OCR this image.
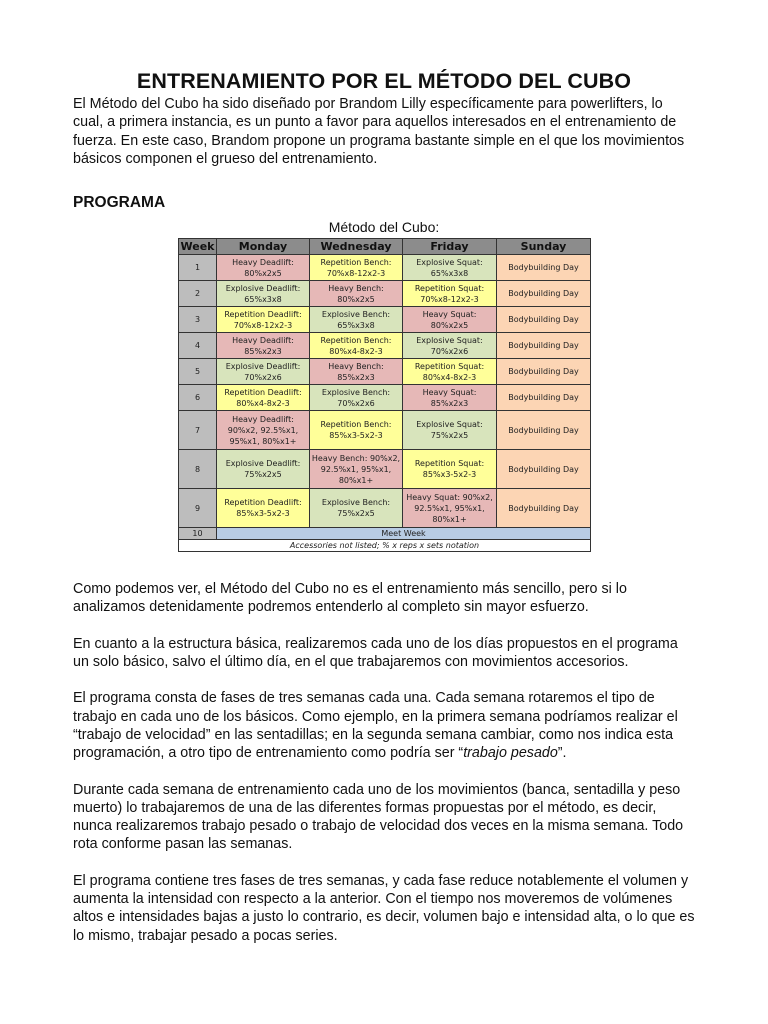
ENTRENAMIENTO POR EL MÉTODO DEL CUBO

El Método del Cubo ha sido diseñado por Brandom Lilly específicamente para powerlifters, lo cual, a primera instancia, es un punto a favor para aquellos interesados en el entrenamiento de fuerza. En este caso, Brandom propone un programa bastante simple en el que los movimientos básicos componen el grueso del entrenamiento.

PROGRAMA
Método del Cubo:
Week	Monday	Wednesday	Friday	Sunday
1	Heavy Deadlift: 80%x2x5	Repetition Bench: 70%x8-12x2-3	Explosive Squat: 65%x3x8	Bodybuilding Day
2	Explosive Deadlift: 65%x3x8	Heavy Bench: 80%x2x5	Repetition Squat: 70%x8-12x2-3	Bodybuilding Day
3	Repetition Deadlift: 70%x8-12x2-3	Explosive Bench: 65%x3x8	Heavy Squat: 80%x2x5	Bodybuilding Day
4	Heavy Deadlift: 85%x2x3	Repetition Bench: 80%x4-8x2-3	Explosive Squat: 70%x2x6	Bodybuilding Day
5	Explosive Deadlift: 70%x2x6	Heavy Bench: 85%x2x3	Repetition Squat: 80%x4-8x2-3	Bodybuilding Day
6	Repetition Deadlift: 80%x4-8x2-3	Explosive Bench: 70%x2x6	Heavy Squat: 85%x2x3	Bodybuilding Day
7	Heavy Deadlift: 90%x2, 92.5%x1, 95%x1, 80%x1+	Repetition Bench: 85%x3-5x2-3	Explosive Squat: 75%x2x5	Bodybuilding Day
8	Explosive Deadlift: 75%x2x5	Heavy Bench: 90%x2, 92.5%x1, 95%x1, 80%x1+	Repetition Squat: 85%x3-5x2-3	Bodybuilding Day
9	Repetition Deadlift: 85%x3-5x2-3	Explosive Bench: 75%x2x5	Heavy Squat: 90%x2, 92.5%x1, 95%x1, 80%x1+	Bodybuilding Day
10	Meet Week			
Accessories not listed; % x reps x sets notation				

Como podemos ver, el Método del Cubo no es el entrenamiento más sencillo, pero si lo analizamos detenidamente podremos entenderlo al completo sin mayor esfuerzo.

En cuanto a la estructura básica, realizaremos cada uno de los días propuestos en el programa un solo básico, salvo el último día, en el que trabajaremos con movimientos accesorios.

El programa consta de fases de tres semanas cada una. Cada semana rotaremos el tipo de trabajo en cada uno de los básicos. Como ejemplo, en la primera semana podríamos realizar el “trabajo de velocidad” en las sentadillas; en la segunda semana cambiar, como nos indica esta programación, a otro tipo de entrenamiento como podría ser “trabajo pesado”.

Durante cada semana de entrenamiento cada uno de los movimientos (banca, sentadilla y peso muerto) lo trabajaremos de una de las diferentes formas propuestas por el método, es decir, nunca realizaremos trabajo pesado o trabajo de velocidad dos veces en la misma semana. Todo rota conforme pasan las semanas.

El programa contiene tres fases de tres semanas, y cada fase reduce notablemente el volumen y aumenta la intensidad con respecto a la anterior. Con el tiempo nos moveremos de volúmenes altos e intensidades bajas a justo lo contrario, es decir, volumen bajo e intensidad alta, o lo que es lo mismo, trabajar pesado a pocas series.
